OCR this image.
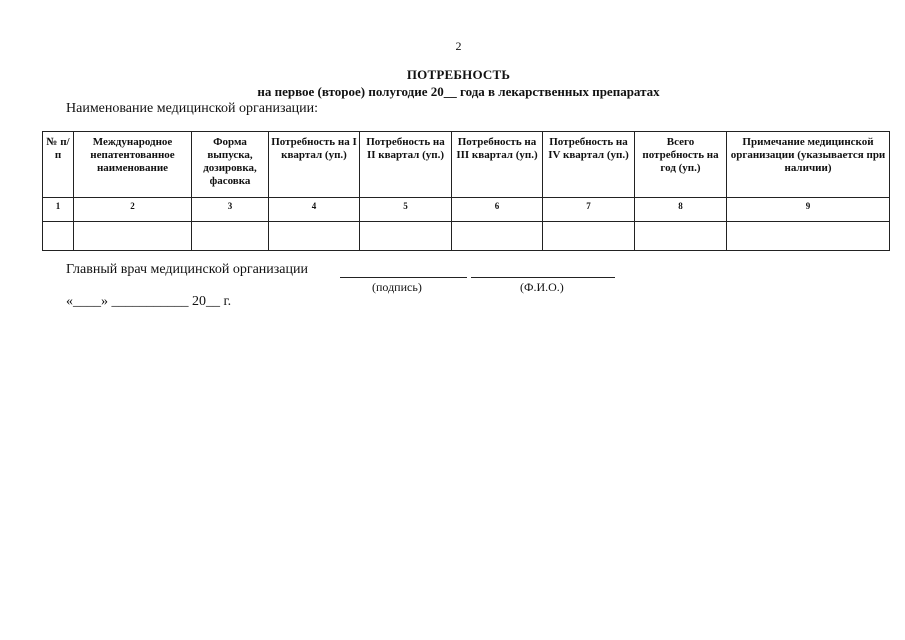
2
ПОТРЕБНОСТЬ
на первое (второе) полугодие 20__ года в лекарственных препаратах
Наименование медицинской организации:
№ п/п	Международное непатентованное наименование	Форма выпуска, дозировка, фасовка	Потребность на I квартал (уп.)	Потребность на II квартал (уп.)	Потребность на III квартал (уп.)	Потребность на IV квартал (уп.)	Всего потребность на год (уп.)	Примечание медицинской организации (указывается при наличии)
1	2	3	4	5	6	7	8	9

Главный врач медицинской организации
(подпись)	(Ф.И.О.)
«____» ___________ 20__ г.
